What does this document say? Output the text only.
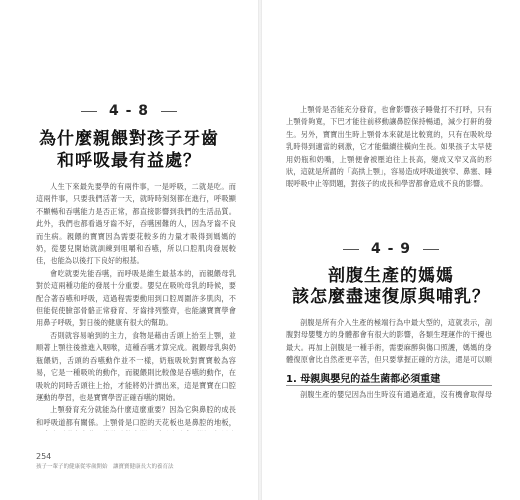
4 - 8
為什麼親餵對孩子牙齒
和呼吸最有益處？

人生下來最先要學的有兩件事，一是呼吸，二就是吃。而這兩件事，只要我們活著一天，就時時刻刻都在進行，呼吸顯不顯暢和吞嚥能力是否正常，都直接影響到我們的生活品質。此外，我們也都看過牙齒不好，吞嚥困難的人，因為牙齒不良而生病。親餵的寶寶因為需要花較多的力量才吸得到媽媽的奶，從嬰兒開始就訓練到咀嚼和吞嚥，所以口腔肌肉發展較佳，也能為以後打下良好的根基。

會吃就要先能吞嚥，而呼吸是維生最基本的，而親餵母乳對於這兩種功能的發展十分重要。嬰兒在吸吮母乳的時候，要配合著吞嚥和呼吸，這過程需要動用到口腔周圍許多肌肉，不但能促使臉部骨骼正常發育、牙齒排列整齊，也能讓寶寶學會用鼻子呼吸，對日後的健康有很大的幫助。

否則就容易嗆到的主力，食物是藉由舌頭上抬至上顎，並順著上顎往後推進入咽喉，這種吞嚥才算完成。親餵母乳與奶瓶餵奶，舌頭的吞嚥動作並不一樣，奶瓶吸吮對寶寶較為容易，它是一種吸吮的動作，而親餵則比較像是吞嚥的動作，在吸吮的同時舌頭往上抬，才能將奶汁擠出來，這是寶寶在口腔運動的學習，也是寶寶學習正確吞嚥的開始。

上顎發育充分就能為什麼這麼重要？因為它與鼻腔的成長和呼吸道都有關係。上顎骨是口腔的天花板也是鼻腔的地板，

254
孩子一輩子的健康從零歲開始　讓寶寶健康長大的養育法

上顎骨是否能充分發育，也會影響孩子睡覺打不打呼，只有上顎骨夠寬，下巴才能往前移動讓鼻腔保持暢通，減少打鼾的發生。另外，寶寶出生時上顎骨本來就是比較寬的，只有在吸吮母乳時得到適當的刺激，它才能繼續往橫向生長。如果孩子太早使用奶瓶和奶嘴，上顎便會被壓迫往上長高，變成又窄又高的形狀，這就是所謂的「高拱上顎」，容易造成呼吸道狹窄、鼻塞、睡眠呼吸中止等問題，對孩子的成長和學習都會造成不良的影響。

4 - 9
剖腹生產的媽媽
該怎麼盡速復原與哺乳？

剖腹是所有介入生產的極端行為中最大型的，這就表示，剖腹對母嬰雙方的身體都會有很大的影響，各類生理運作的干擾也最大。再加上剖腹是一種手術，需要麻醉與傷口照護，媽媽的身體復原會比自然產更辛苦，但只要掌握正確的方法，還是可以順

1. 母親與嬰兒的益生菌都必須重建

剖腹生產的嬰兒因為出生時沒有通過產道，沒有機會取得母
